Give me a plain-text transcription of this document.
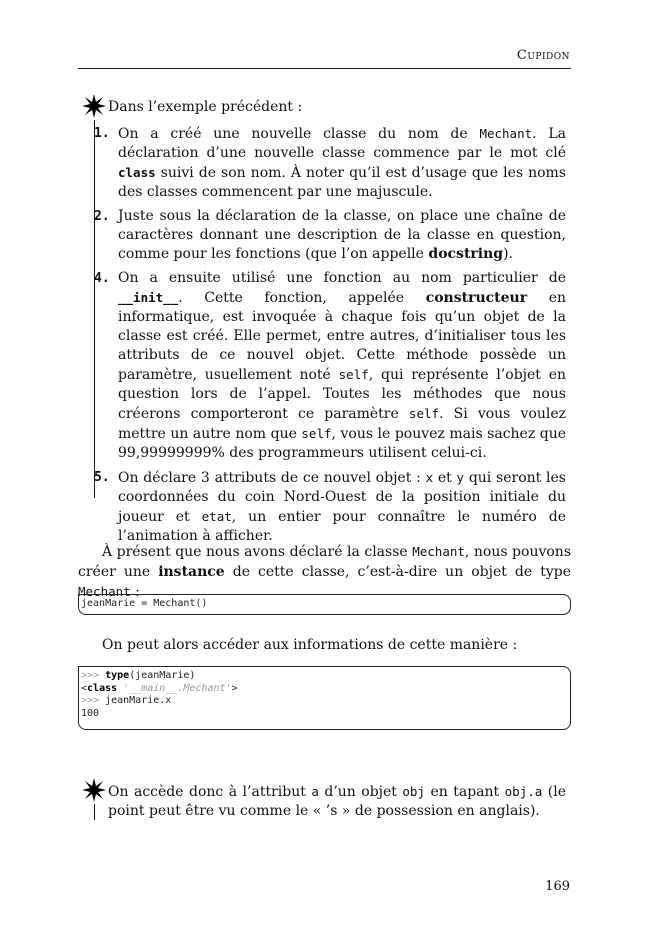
Cupidon
Dans l’exemple précédent :
1. On a créé une nouvelle classe du nom de Mechant. La déclaration d’une nouvelle classe commence par le mot clé class suivi de son nom. À noter qu’il est d’usage que les noms des classes commencent par une majuscule.
2. Juste sous la déclaration de la classe, on place une chaîne de caractères donnant une description de la classe en question, comme pour les fonctions (que l’on appelle docstring).
4. On a ensuite utilisé une fonction au nom particulier de __init__. Cette fonction, appelée constructeur en informatique, est invoquée à chaque fois qu’un objet de la classe est créé. Elle permet, entre autres, d’initialiser tous les attributs de ce nouvel objet. Cette méthode possède un paramètre, usuellement noté self, qui représente l’objet en question lors de l’appel. Toutes les méthodes que nous créerons comporteront ce paramètre self. Si vous voulez mettre un autre nom que self, vous le pouvez mais sachez que 99,99999999% des programmeurs utilisent celui-ci.
5. On déclare 3 attributs de ce nouvel objet : x et y qui seront les coordonnées du coin Nord-Ouest de la position initiale du joueur et etat, un entier pour connaître le numéro de l’animation à afficher.
À présent que nous avons déclaré la classe Mechant, nous pouvons créer une instance de cette classe, c’est-à-dire un objet de type Mechant :
jeanMarie = Mechant()
On peut alors accéder aux informations de cette manière :
>>> type(jeanMarie)
<class '__main__.Mechant'>
>>> jeanMarie.x
100
On accède donc à l’attribut a d’un objet obj en tapant obj.a (le point peut être vu comme le « ’s » de possession en anglais).
169
